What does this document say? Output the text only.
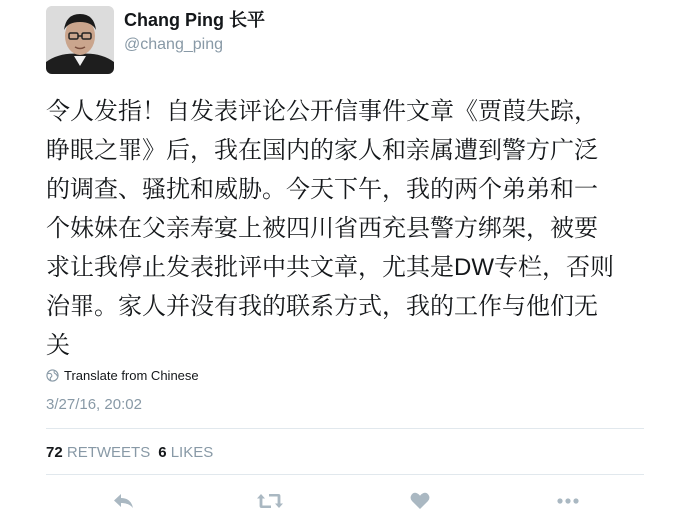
Chang Ping 长平
@chang_ping
令人发指！自发表评论公开信事件文章《贾葭失踪，
睁眼之罪》后，我在国内的家人和亲属遭到警方广泛
的调查、骚扰和威胁。今天下午，我的两个弟弟和一
个妹妹在父亲寿宴上被四川省西充县警方绑架，被要
求让我停止发表批评中共文章，尤其是DW专栏，否则
治罪。家人并没有我的联系方式，我的工作与他们无
关
Translate from Chinese
3/27/16, 20:02
72 RETWEETS 6 LIKES
